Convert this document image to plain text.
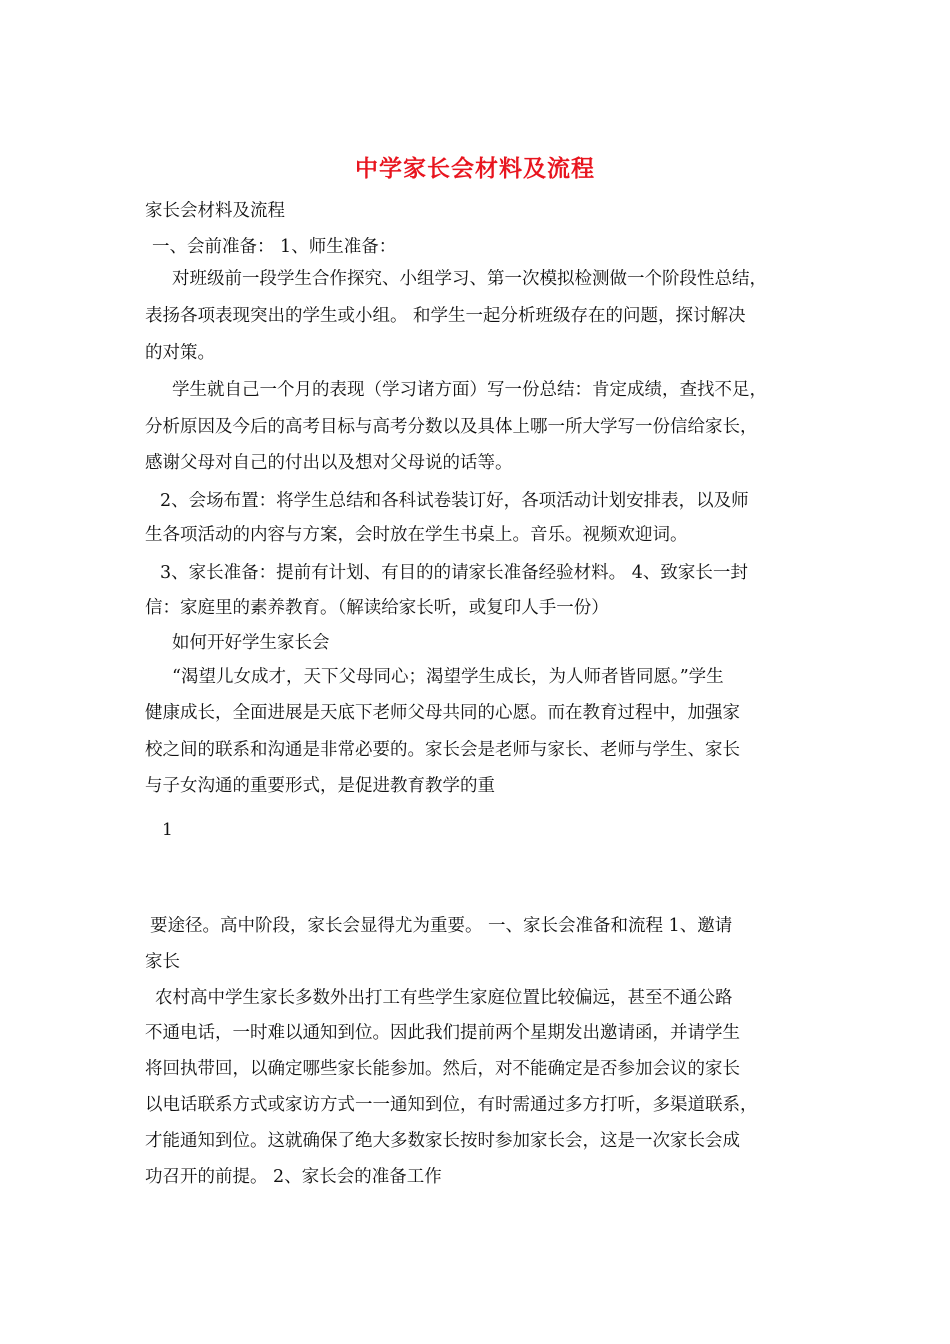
中学家长会材料及流程
家长会材料及流程
一、会前准备： 1、师生准备：
对班级前一段学生合作探究、小组学习、第一次模拟检测做一个阶段性总结，
表扬各项表现突出的学生或小组。 和学生一起分析班级存在的问题，探讨解决
的对策。
学生就自己一个月的表现（学习诸方面）写一份总结：肯定成绩，查找不足，
分析原因及今后的高考目标与高考分数以及具体上哪一所大学写一份信给家长，
感谢父母对自己的付出以及想对父母说的话等。
2、会场布置：将学生总结和各科试卷装订好，各项活动计划安排表，以及师
生各项活动的内容与方案，会时放在学生书桌上。音乐。视频欢迎词。
3、家长准备：提前有计划、有目的的请家长准备经验材料。 4、致家长一封
信：家庭里的素养教育。（解读给家长听，或复印人手一份）
如何开好学生家长会
“渴望儿女成才，天下父母同心；渴望学生成长，为人师者皆同愿。”学生
健康成长，全面进展是天底下老师父母共同的心愿。而在教育过程中，加强家
校之间的联系和沟通是非常必要的。家长会是老师与家长、老师与学生、家长
与子女沟通的重要形式，是促进教育教学的重
1
要途径。高中阶段，家长会显得尤为重要。 一、家长会准备和流程 1、邀请
家长
农村高中学生家长多数外出打工有些学生家庭位置比较偏远，甚至不通公路
不通电话，一时难以通知到位。因此我们提前两个星期发出邀请函，并请学生
将回执带回，以确定哪些家长能参加。然后，对不能确定是否参加会议的家长
以电话联系方式或家访方式一一通知到位，有时需通过多方打听，多渠道联系，
才能通知到位。这就确保了绝大多数家长按时参加家长会，这是一次家长会成
功召开的前提。 2、家长会的准备工作
